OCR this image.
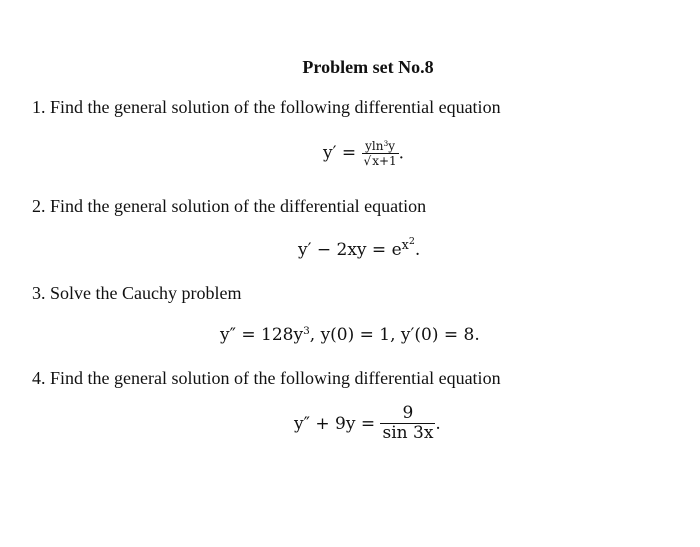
Problem set No.8
1. Find the general solution of the following differential equation
$y' = \frac{yln^3y}{√x+1}$ .
2. Find the general solution of the differential equation
$y' - 2xy = e^{x^2}$.
3. Solve the Cauchy problem
$y'' = 128y^3$, y(0) = 1, y′(0) = 8.
4. Find the general solution of the following differential equation
$y'' + 9y = \frac{9}{\sin 3x}$ .
